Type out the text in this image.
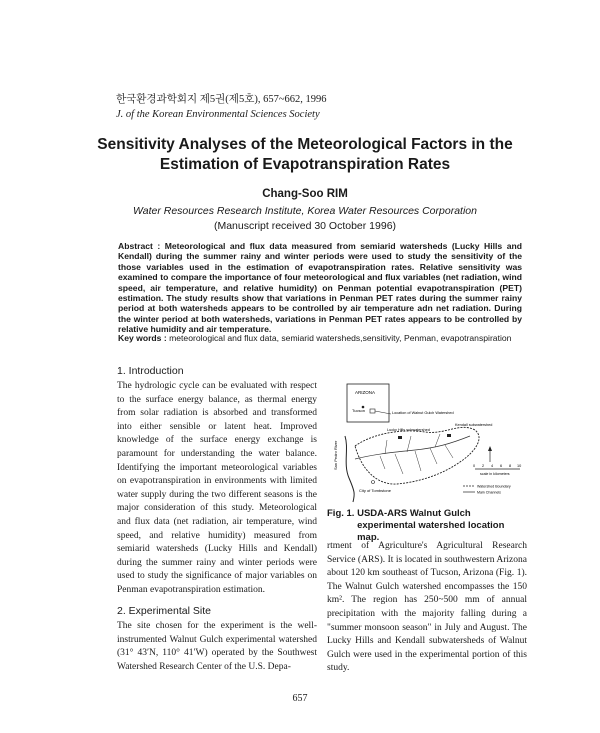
한국환경과학회지 제5권(제5호), 657~662, 1996
J. of the Korean Environmental Sciences Society
Sensitivity Analyses of the Meteorological Factors in the
Estimation of Evapotranspiration Rates
Chang-Soo RIM
Water Resources Research Institute, Korea Water Resources Corporation
(Manuscript received 30 October 1996)
Abstract : Meteorological and flux data measured from semiarid watersheds (Lucky Hills and Kendall) during the summer rainy and winter periods were used to study the sensitivity of the those variables used in the estimation of evapotranspiration rates. Relative sensitivity was examined to compare the importance of four meteorological and flux variables (net radiation, wind speed, air temperature, and relative humidity) on Penman potential evapotranspiration (PET) estimation. The study results show that variations in Penman PET rates during the summer rainy period at both watersheds appears to be controlled by air temperature adn net radiation. During the winter period at both watersheds, variations in Penman PET rates appears to be controlled by relative humidity and air temperature.
Key words : meteorological and flux data, semiarid watersheds,sensitivity, Penman, evapotranspiration
1. Introduction
The hydrologic cycle can be evaluated with respect to the surface energy balance, as thermal energy from solar radiation is absorbed and transformed into either sensible or latent heat. Improved knowledge of the surface energy exchange is paramount for understanding the water balance. Identifying the important meteorological variables on evapotranspiration in environments with limited water supply during the two different seasons is the major consideration of this study. Meteorological and flux data (net radiation, air temperature, wind speed, and relative humidity) measured from semiarid watersheds (Lucky Hills and Kendall) during the summer rainy and winter periods were used to study the significance of major variables on Penman evapotranspiration estimation.
2. Experimental Site
The site chosen for the experiment is the well-instrumented Walnut Gulch experimental watershed (31° 43′N, 110° 41′W) operated by the Southwest Watershed Research Center of the U.S. Depa-
ARIZONA
Tucson	Location of Walnut Gulch Watershed
San Pedro River
Lucky Hills subwatershed
Kendall subwatershed
City of Tombstone
0 2 4 6 8 10
scale in kilometers
Watershed Boundary
Main Channels
Fig. 1. USDA-ARS Walnut Gulch experimental watershed location map.
rtment of Agriculture's Agricultural Research Service (ARS). It is located in southwestern Arizona about 120 km southeast of Tucson, Arizona (Fig. 1). The Walnut Gulch watershed encompasses the 150 km². The region has 250~500 mm of annual precipitation with the majority falling during a "summer monsoon season" in July and August. The Lucky Hills and Kendall subwatersheds of Walnut Gulch were used in the experimental portion of this study.
657
